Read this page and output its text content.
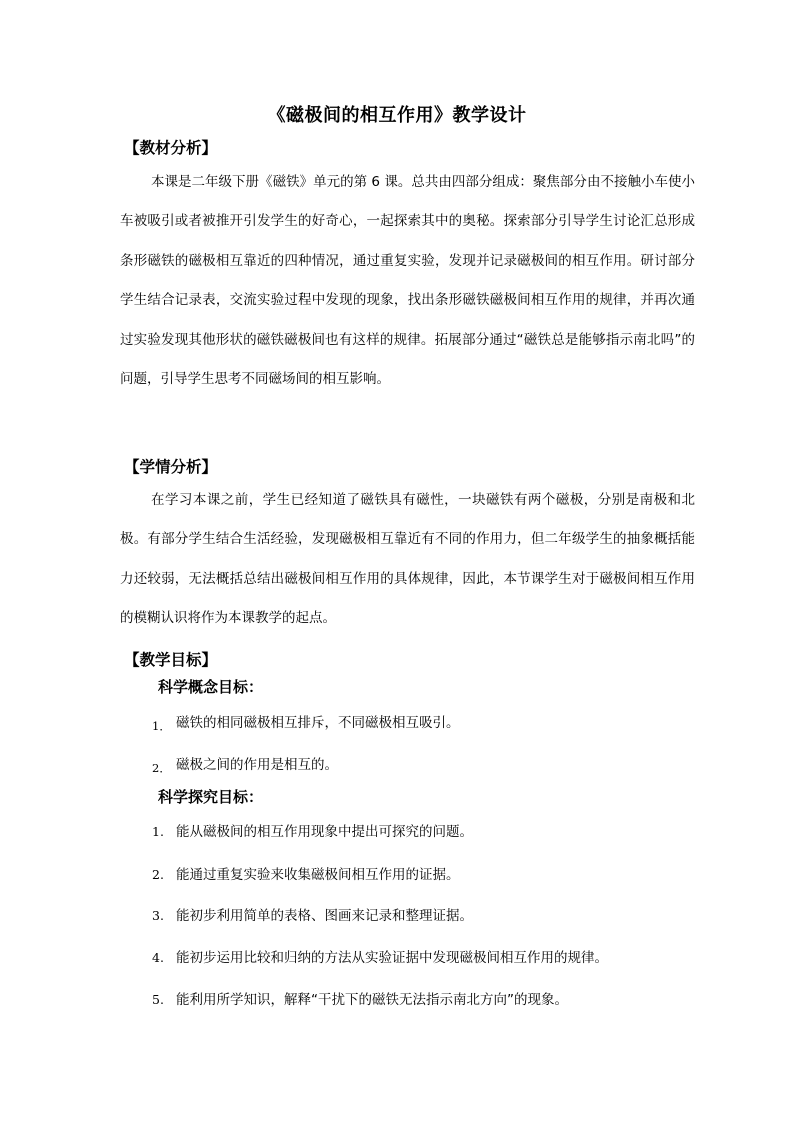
《磁极间的相互作用》教学设计
【教材分析】

本课是二年级下册《磁铁》单元的第 6 课。总共由四部分组成：聚焦部分由不接触小车使小车被吸引或者被推开引发学生的好奇心，一起探索其中的奥秘。探索部分引导学生讨论汇总形成条形磁铁的磁极相互靠近的四种情况，通过重复实验，发现并记录磁极间的相互作用。研讨部分学生结合记录表，交流实验过程中发现的现象，找出条形磁铁磁极间相互作用的规律，并再次通过实验发现其他形状的磁铁磁极间也有这样的规律。拓展部分通过“磁铁总是能够指示南北吗”的问题，引导学生思考不同磁场间的相互影响。

【学情分析】

在学习本课之前，学生已经知道了磁铁具有磁性，一块磁铁有两个磁极，分别是南极和北极。有部分学生结合生活经验，发现磁极相互靠近有不同的作用力，但二年级学生的抽象概括能力还较弱，无法概括总结出磁极间相互作用的具体规律，因此，本节课学生对于磁极间相互作用的模糊认识将作为本课教学的起点。

【教学目标】
科学概念目标：
1． 磁铁的相同磁极相互排斥，不同磁极相互吸引。
2． 磁极之间的作用是相互的。
科学探究目标：
1. 能从磁极间的相互作用现象中提出可探究的问题。
2. 能通过重复实验来收集磁极间相互作用的证据。
3. 能初步利用简单的表格、图画来记录和整理证据。
4. 能初步运用比较和归纳的方法从实验证据中发现磁极间相互作用的规律。
5. 能利用所学知识，解释“干扰下的磁铁无法指示南北方向”的现象。
